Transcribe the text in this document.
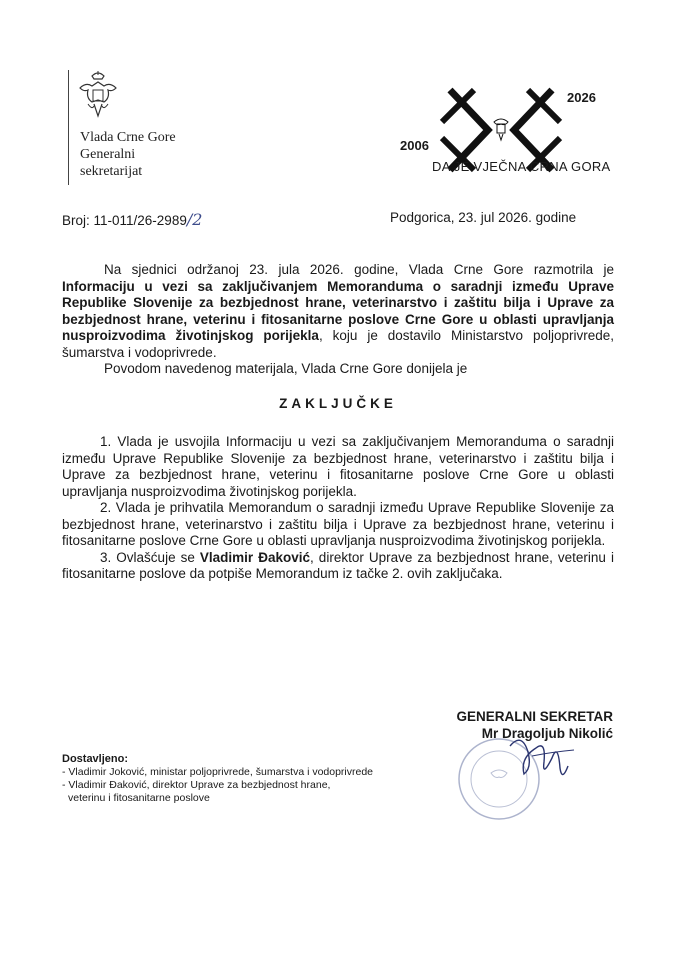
Vlada Crne Gore
Generalni
sekretarijat
2026
2006
DA JE VJEČNA CRNA GORA
Broj: 11-011/26-2989/2	Podgorica, 23. jul 2026. godine

Na sjednici održanoj 23. jula 2026. godine, Vlada Crne Gore razmotrila je Informaciju u vezi sa zaključivanjem Memoranduma o saradnji između Uprave Republike Slovenije za bezbjednost hrane, veterinarstvo i zaštitu bilja i Uprave za bezbjednost hrane, veterinu i fitosanitarne poslove Crne Gore u oblasti upravljanja nusproizvodima životinjskog porijekla, koju je dostavilo Ministarstvo poljoprivrede, šumarstva i vodoprivrede.

Povodom navedenog materijala, Vlada Crne Gore donijela je

ZAKLJUČKE

1. Vlada je usvojila Informaciju u vezi sa zaključivanjem Memoranduma o saradnji između Uprave Republike Slovenije za bezbjednost hrane, veterinarstvo i zaštitu bilja i Uprave za bezbjednost hrane, veterinu i fitosanitarne poslove Crne Gore u oblasti upravljanja nusproizvodima životinjskog porijekla.

2. Vlada je prihvatila Memorandum o saradnji između Uprave Republike Slovenije za bezbjednost hrane, veterinarstvo i zaštitu bilja i Uprave za bezbjednost hrane, veterinu i fitosanitarne poslove Crne Gore u oblasti upravljanja nusproizvodima životinjskog porijekla.

3. Ovlašćuje se Vladimir Đaković, direktor Uprave za bezbjednost hrane, veterinu i fitosanitarne poslove da potpiše Memorandum iz tačke 2. ovih zaključaka.

GENERALNI SEKRETAR
Mr Dragoljub Nikolić
Dostavljeno:
- Vladimir Joković, ministar poljoprivrede, šumarstva i vodoprivrede
- Vladimir Đaković, direktor Uprave za bezbjednost hrane,
veterinu i fitosanitarne poslove
